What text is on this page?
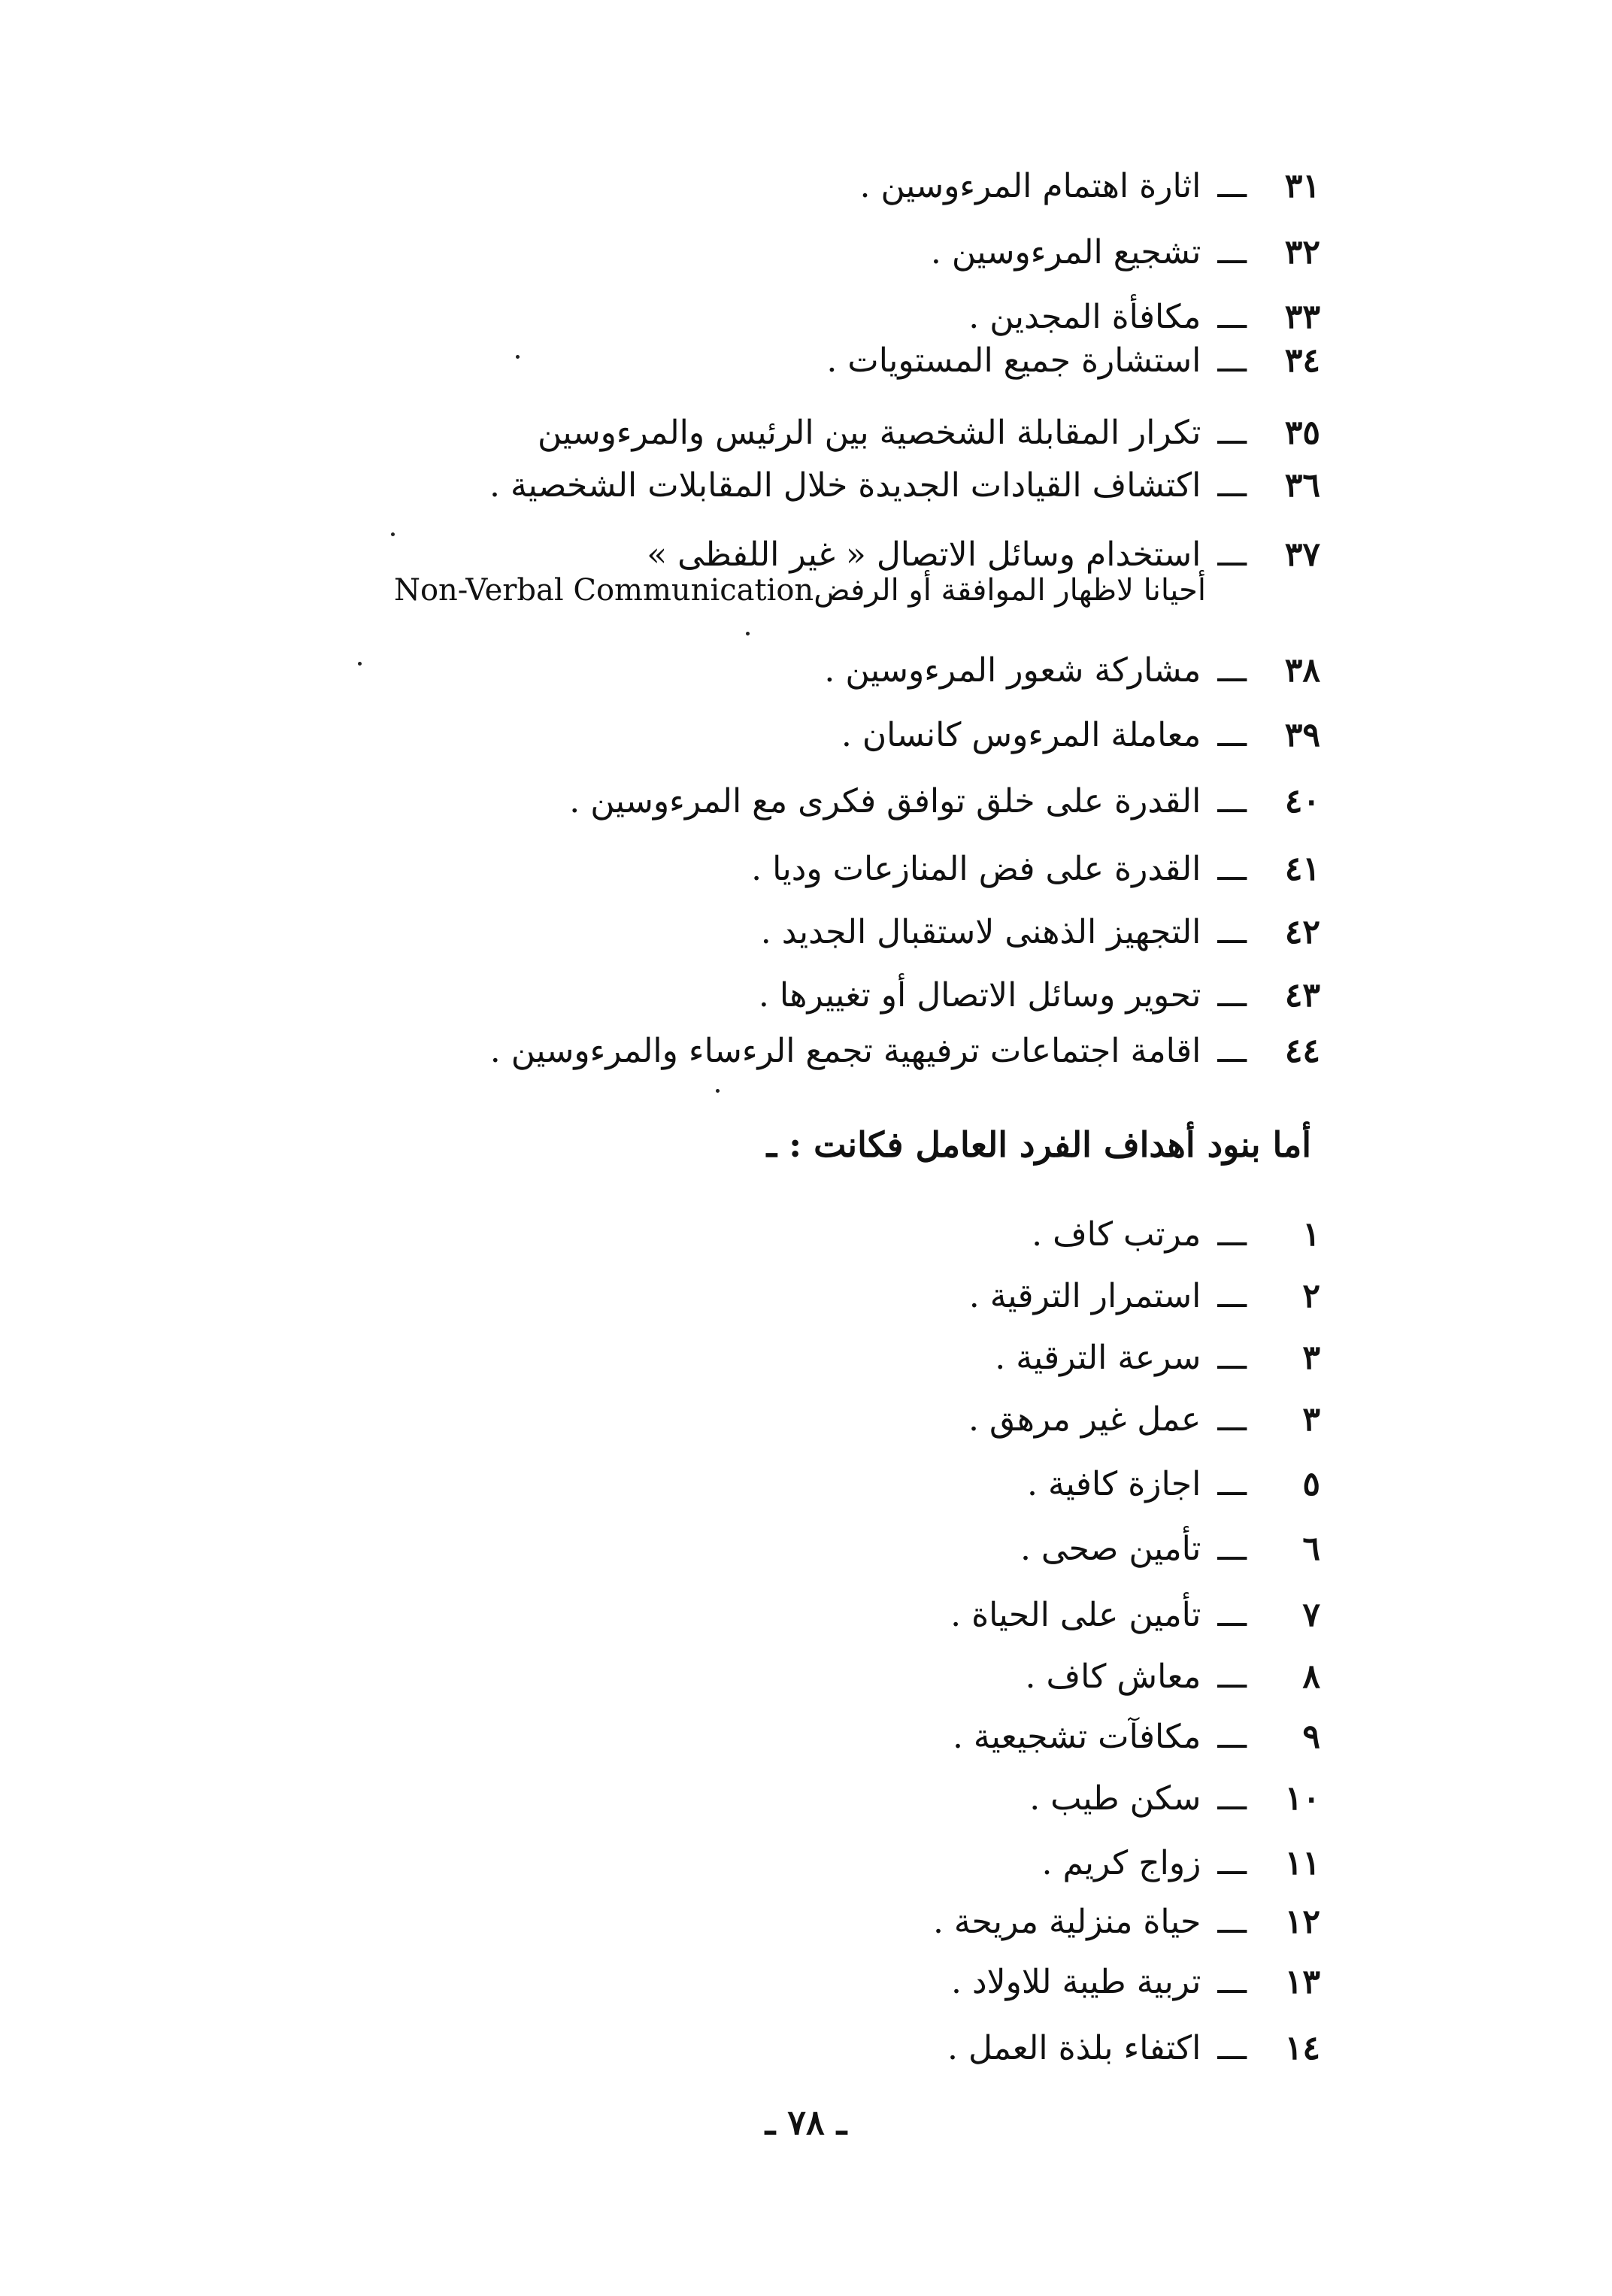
٣١ـــاثارة اهتمام المرءوسين .
٣٢ـــتشجيع المرءوسين .
٣٣ـــمكافأة المجدين .
٣٤ـــاستشارة جميع المستويات .
٣٥ـــتكرار المقابلة الشخصية بين الرئيس والمرءوسين
٣٦ـــاكتشاف القيادات الجديدة خلال المقابلات الشخصية .
٣٧ـــاستخدام وسائل الاتصال « غير اللفظى »
Non-Verbal Communicationأحيانا لاظهار الموافقة أو الرفض
٣٨ـــمشاركة شعور المرءوسين .
٣٩ـــمعاملة المرءوس كانسان .
٤٠ـــالقدرة على خلق توافق فكرى مع المرءوسين .
٤١ـــالقدرة على فض المنازعات وديا .
٤٢ـــالتجهيز الذهنى لاستقبال الجديد .
٤٣ـــتحوير وسائل الاتصال أو تغييرها .
٤٤ـــاقامة اجتماعات ترفيهية تجمع الرءساء والمرءوسين .
أما بنود أهداف الفرد العامل فكانت : ـ
١ـــمرتب كاف .
٢ـــاستمرار الترقية .
٣ـــسرعة الترقية .
٣ـــعمل غير مرهق .
٥ـــاجازة كافية .
٦ـــتأمين صحى .
٧ـــتأمين على الحياة .
٨ـــمعاش كاف .
٩ـــمكافآت تشجيعية .
١٠ـــسكن طيب .
١١ـــزواج كريم .
١٢ـــحياة منزلية مريحة .
١٣ـــتربية طيبة للاولاد .
١٤ـــاكتفاء بلذة العمل .
ـ ٧٨ ـ
